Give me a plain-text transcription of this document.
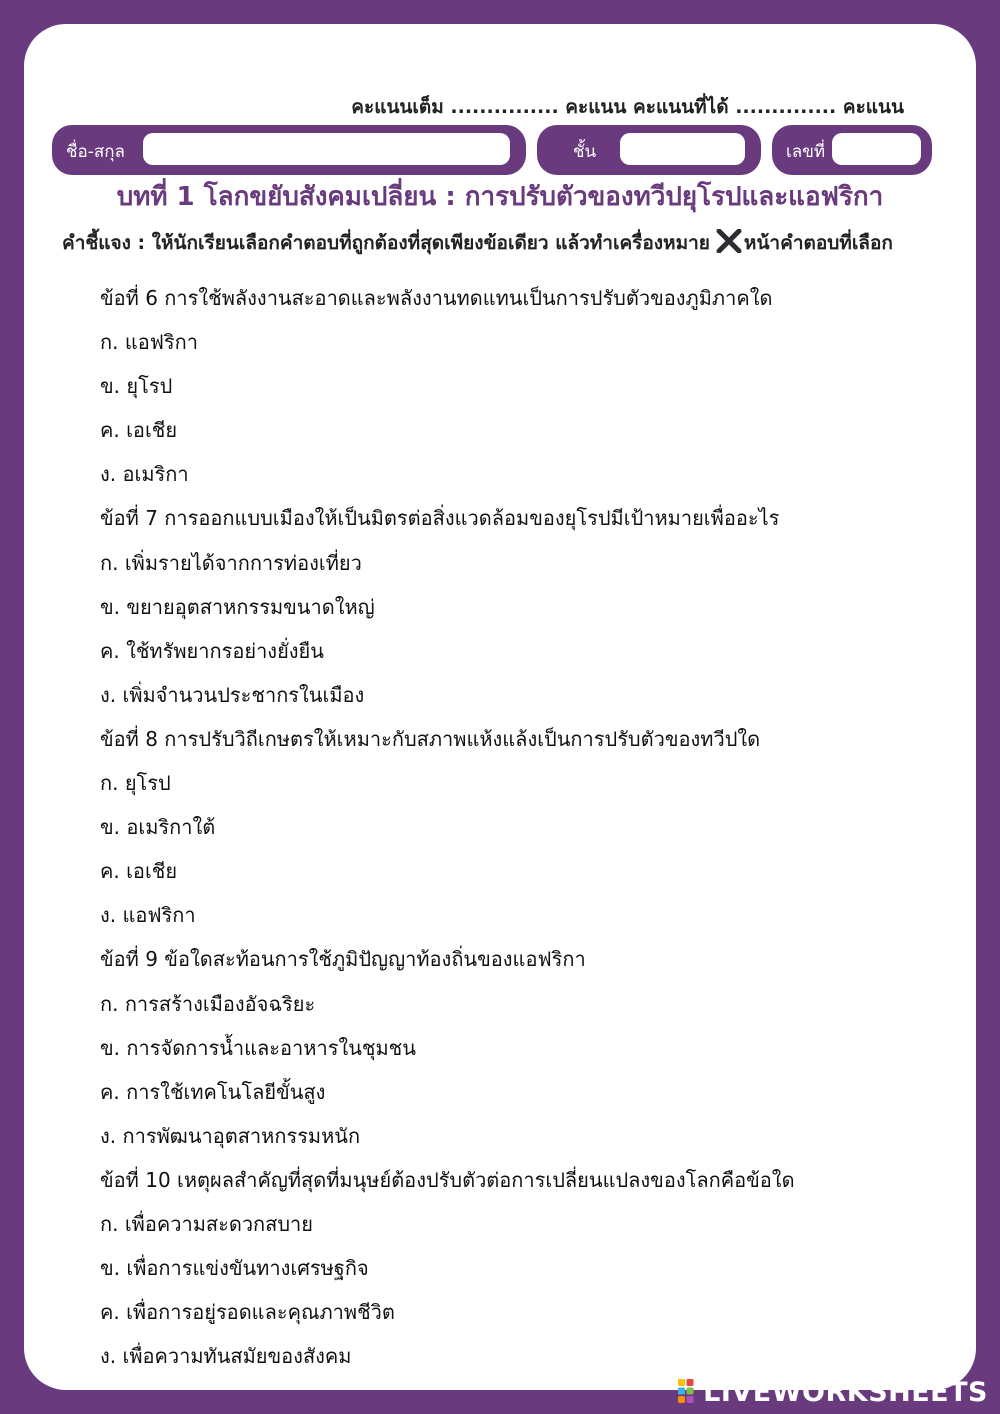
คะแนนเต็ม ............... คะแนน คะแนนที่ได้ .............. คะแนน
ชื่อ-สกุล	ชั้น	เลขที่
บทที่ 1 โลกขยับสังคมเปลี่ยน : การปรับตัวของทวีปยุโรปและแอฟริกา
คำชี้แจง : ให้นักเรียนเลือกคำตอบที่ถูกต้องที่สุดเพียงข้อเดียว แล้วทำเครื่องหมาย หน้าคำตอบที่เลือก
ข้อที่ 6 การใช้พลังงานสะอาดและพลังงานทดแทนเป็นการปรับตัวของภูมิภาคใด
ก. แอฟริกา
ข. ยุโรป
ค. เอเชีย
ง. อเมริกา
ข้อที่ 7 การออกแบบเมืองให้เป็นมิตรต่อสิ่งแวดล้อมของยุโรปมีเป้าหมายเพื่ออะไร
ก. เพิ่มรายได้จากการท่องเที่ยว
ข. ขยายอุตสาหกรรมขนาดใหญ่
ค. ใช้ทรัพยากรอย่างยั่งยืน
ง. เพิ่มจำนวนประชากรในเมือง
ข้อที่ 8 การปรับวิถีเกษตรให้เหมาะกับสภาพแห้งแล้งเป็นการปรับตัวของทวีปใด
ก. ยุโรป
ข. อเมริกาใต้
ค. เอเชีย
ง. แอฟริกา
ข้อที่ 9 ข้อใดสะท้อนการใช้ภูมิปัญญาท้องถิ่นของแอฟริกา
ก. การสร้างเมืองอัจฉริยะ
ข. การจัดการน้ำและอาหารในชุมชน
ค. การใช้เทคโนโลยีขั้นสูง
ง. การพัฒนาอุตสาหกรรมหนัก
ข้อที่ 10 เหตุผลสำคัญที่สุดที่มนุษย์ต้องปรับตัวต่อการเปลี่ยนแปลงของโลกคือข้อใด
ก. เพื่อความสะดวกสบาย
ข. เพื่อการแข่งขันทางเศรษฐกิจ
ค. เพื่อการอยู่รอดและคุณภาพชีวิต
ง. เพื่อความทันสมัยของสังคม
LIVEWORKSHEETS
